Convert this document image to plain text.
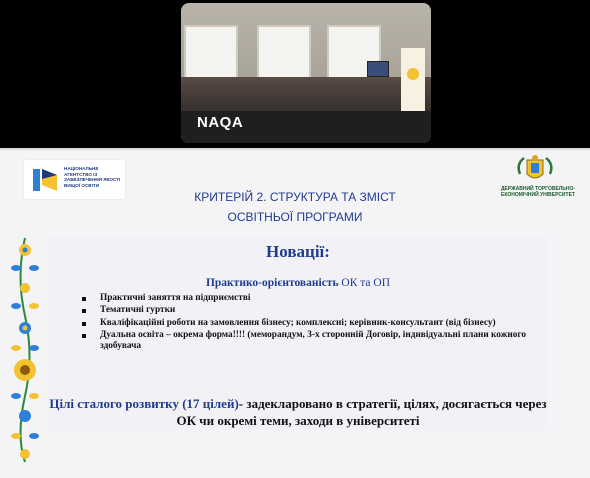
NAQA
НАЦІОНАЛЬНЕ АГЕНТСТВО ІЗ ЗАБЕЗПЕЧЕННЯ ЯКОСТІ ВИЩОЇ ОСВІТИ
ДЕРЖАВНИЙ ТОРГОВЕЛЬНО-ЕКОНОМІЧНИЙ УНІВЕРСИТЕТ
КРИТЕРІЙ 2. СТРУКТУРА ТА ЗМІСТ
ОСВІТНЬОЇ ПРОГРАМИ
Новації:
Практико-орієнтованість ОК та ОП
Практичні заняття на підприємстві
Тематичні гуртки
Кваліфікаційні роботи на замовлення бізнесу; комплексні; керівник-консультант (від бізнесу)
Дуальна освіта – окрема форма!!!! (меморандум, 3-х сторонній Договір, індивідуальні плани кожного здобувача
Цілі сталого розвитку (17 цілей)- задекларовано в стратегії, цілях, досягається через ОК чи окремі теми, заходи в університеті
